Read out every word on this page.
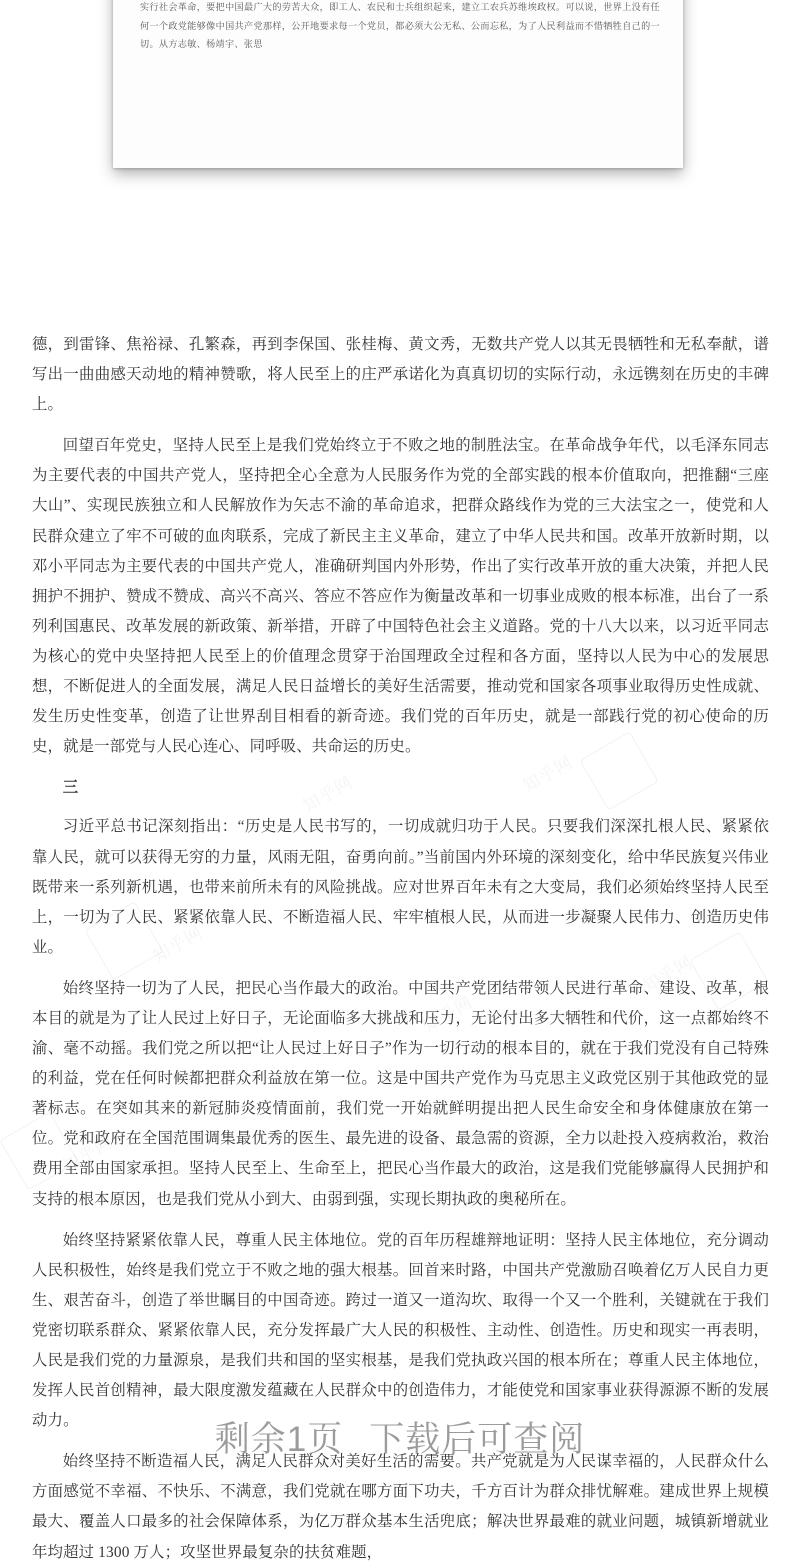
实行社会革命，要把中国最广大的劳苦大众，即工人、农民和士兵组织起来，建立工农兵苏维埃政权。可以说，世界上没有任何一个政党能够像中国共产党那样，公开地要求每一个党员，都必须大公无私、公而忘私，为了人民利益而不惜牺牲自己的一切。从方志敏、杨靖宇、张思

德，到雷锋、焦裕禄、孔繁森，再到李保国、张桂梅、黄文秀，无数共产党人以其无畏牺牲和无私奉献，谱写出一曲曲感天动地的精神赞歌，将人民至上的庄严承诺化为真真切切的实际行动，永远镌刻在历史的丰碑上。

回望百年党史，坚持人民至上是我们党始终立于不败之地的制胜法宝。在革命战争年代，以毛泽东同志为主要代表的中国共产党人，坚持把全心全意为人民服务作为党的全部实践的根本价值取向，把推翻“三座大山”、实现民族独立和人民解放作为矢志不渝的革命追求，把群众路线作为党的三大法宝之一，使党和人民群众建立了牢不可破的血肉联系，完成了新民主主义革命，建立了中华人民共和国。改革开放新时期，以邓小平同志为主要代表的中国共产党人，准确研判国内外形势，作出了实行改革开放的重大决策，并把人民拥护不拥护、赞成不赞成、高兴不高兴、答应不答应作为衡量改革和一切事业成败的根本标准，出台了一系列利国惠民、改革发展的新政策、新举措，开辟了中国特色社会主义道路。党的十八大以来，以习近平同志为核心的党中央坚持把人民至上的价值理念贯穿于治国理政全过程和各方面，坚持以人民为中心的发展思想，不断促进人的全面发展，满足人民日益增长的美好生活需要，推动党和国家各项事业取得历史性成就、发生历史性变革，创造了让世界刮目相看的新奇迹。我们党的百年历史，就是一部践行党的初心使命的历史，就是一部党与人民心连心、同呼吸、共命运的历史。

三

习近平总书记深刻指出：“历史是人民书写的，一切成就归功于人民。只要我们深深扎根人民、紧紧依靠人民，就可以获得无穷的力量，风雨无阻，奋勇向前。”当前国内外环境的深刻变化，给中华民族复兴伟业既带来一系列新机遇，也带来前所未有的风险挑战。应对世界百年未有之大变局，我们必须始终坚持人民至上，一切为了人民、紧紧依靠人民、不断造福人民、牢牢植根人民，从而进一步凝聚人民伟力、创造历史伟业。

始终坚持一切为了人民，把民心当作最大的政治。中国共产党团结带领人民进行革命、建设、改革，根本目的就是为了让人民过上好日子，无论面临多大挑战和压力，无论付出多大牺牲和代价，这一点都始终不渝、毫不动摇。我们党之所以把“让人民过上好日子”作为一切行动的根本目的，就在于我们党没有自己特殊的利益，党在任何时候都把群众利益放在第一位。这是中国共产党作为马克思主义政党区别于其他政党的显著标志。在突如其来的新冠肺炎疫情面前，我们党一开始就鲜明提出把人民生命安全和身体健康放在第一位。党和政府在全国范围调集最优秀的医生、最先进的设备、最急需的资源，全力以赴投入疫病救治，救治费用全部由国家承担。坚持人民至上、生命至上，把民心当作最大的政治，这是我们党能够赢得人民拥护和支持的根本原因，也是我们党从小到大、由弱到强，实现长期执政的奥秘所在。

始终坚持紧紧依靠人民，尊重人民主体地位。党的百年历程雄辩地证明：坚持人民主体地位，充分调动人民积极性，始终是我们党立于不败之地的强大根基。回首来时路，中国共产党激励召唤着亿万人民自力更生、艰苦奋斗，创造了举世瞩目的中国奇迹。跨过一道又一道沟坎、取得一个又一个胜利，关键就在于我们党密切联系群众、紧紧依靠人民，充分发挥最广大人民的积极性、主动性、创造性。历史和现实一再表明，人民是我们党的力量源泉，是我们共和国的坚实根基，是我们党执政兴国的根本所在；尊重人民主体地位，发挥人民首创精神，最大限度激发蕴藏在人民群众中的创造伟力，才能使党和国家事业获得源源不断的发展动力。

始终坚持不断造福人民，满足人民群众对美好生活的需要。共产党就是为人民谋幸福的，人民群众什么方面感觉不幸福、不快乐、不满意，我们党就在哪方面下功夫，千方百计为群众排忧解难。建成世界上规模最大、覆盖人口最多的社会保障体系，为亿万群众基本生活兜底；解决世界最难的就业问题，城镇新增就业年均超过 1300 万人；攻坚世界最复杂的扶贫难题，

剩余1页 下载后可查阅
